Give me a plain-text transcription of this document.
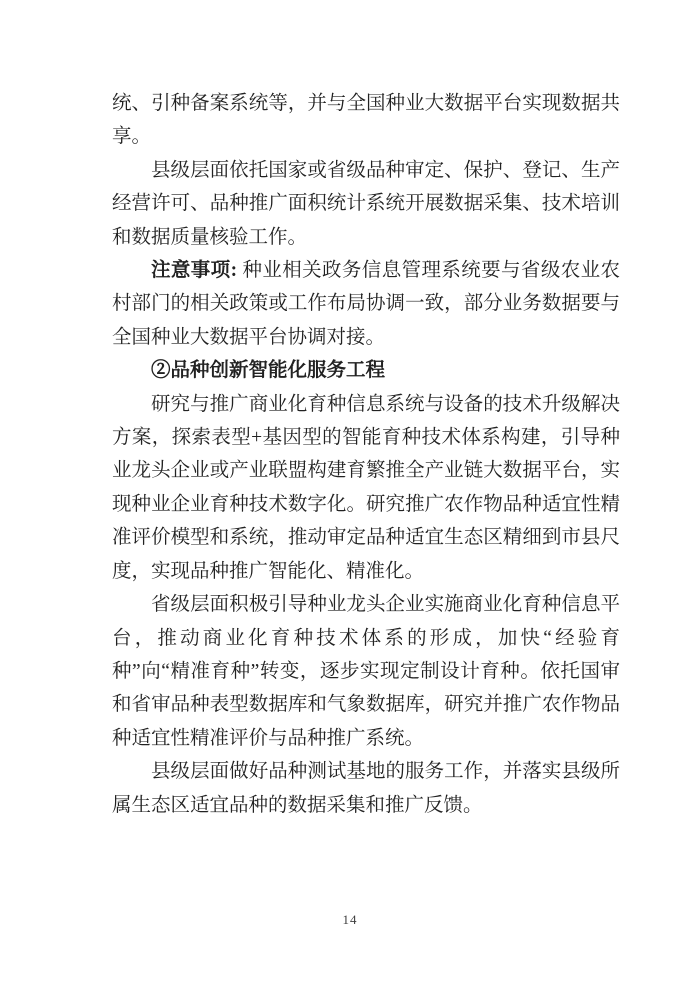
统、引种备案系统等，并与全国种业大数据平台实现数据共享。

县级层面依托国家或省级品种审定、保护、登记、生产经营许可、品种推广面积统计系统开展数据采集、技术培训和数据质量核验工作。

注意事项: 种业相关政务信息管理系统要与省级农业农村部门的相关政策或工作布局协调一致，部分业务数据要与全国种业大数据平台协调对接。

②品种创新智能化服务工程

研究与推广商业化育种信息系统与设备的技术升级解决方案，探索表型+基因型的智能育种技术体系构建，引导种业龙头企业或产业联盟构建育繁推全产业链大数据平台，实现种业企业育种技术数字化。研究推广农作物品种适宜性精准评价模型和系统，推动审定品种适宜生态区精细到市县尺度，实现品种推广智能化、精准化。

省级层面积极引导种业龙头企业实施商业化育种信息平台，推动商业化育种技术体系的形成，加快“经验育种”向“精准育种”转变，逐步实现定制设计育种。依托国审和省审品种表型数据库和气象数据库，研究并推广农作物品种适宜性精准评价与品种推广系统。

县级层面做好品种测试基地的服务工作，并落实县级所属生态区适宜品种的数据采集和推广反馈。

14
